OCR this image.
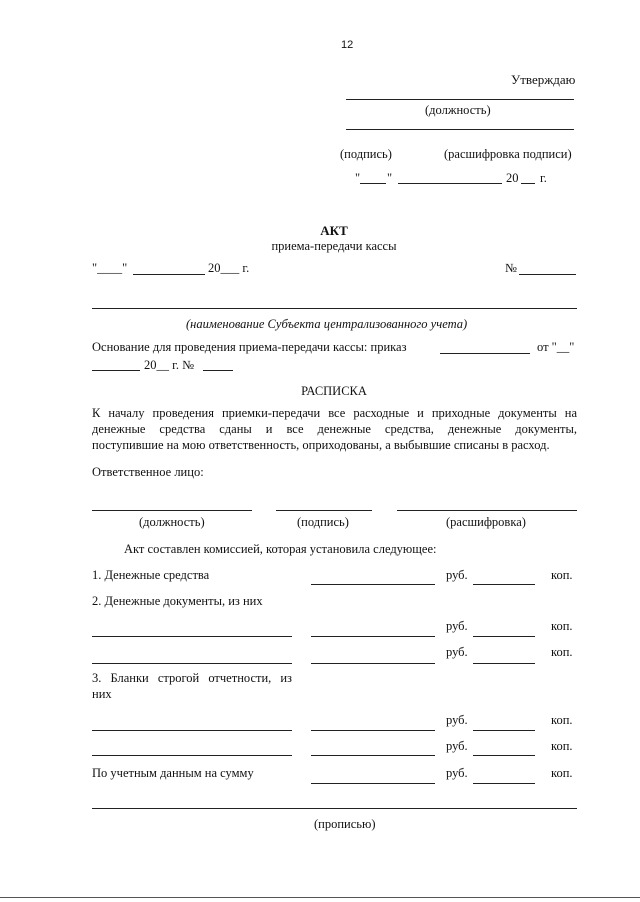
12
Утверждаю
(должность)
(подпись)	(расшифровка подписи)
" "	20 г.
АКТ
приема-передачи кассы
"____"	20___ г.	№
(наименование Субъекта централизованного учета)
Основание для проведения приема-передачи кассы: приказ	от "__"
20__ г. №
РАСПИСКА
К началу проведения приемки-передачи все расходные и приходные документы на
денежные средства сданы и все денежные средства, денежные документы,
поступившие на мою ответственность, оприходованы, а выбывшие списаны в расход.
Ответственное лицо:
(должность)	(подпись)	(расшифровка)
Акт составлен комиссией, которая установила следующее:
1. Денежные средства	руб.	коп.
2. Денежные документы, из них
руб.	коп.
руб.	коп.
3. Бланки строгой отчетности, из
них
руб.	коп.
руб.	коп.
По учетным данным на сумму	руб.	коп.
(прописью)
